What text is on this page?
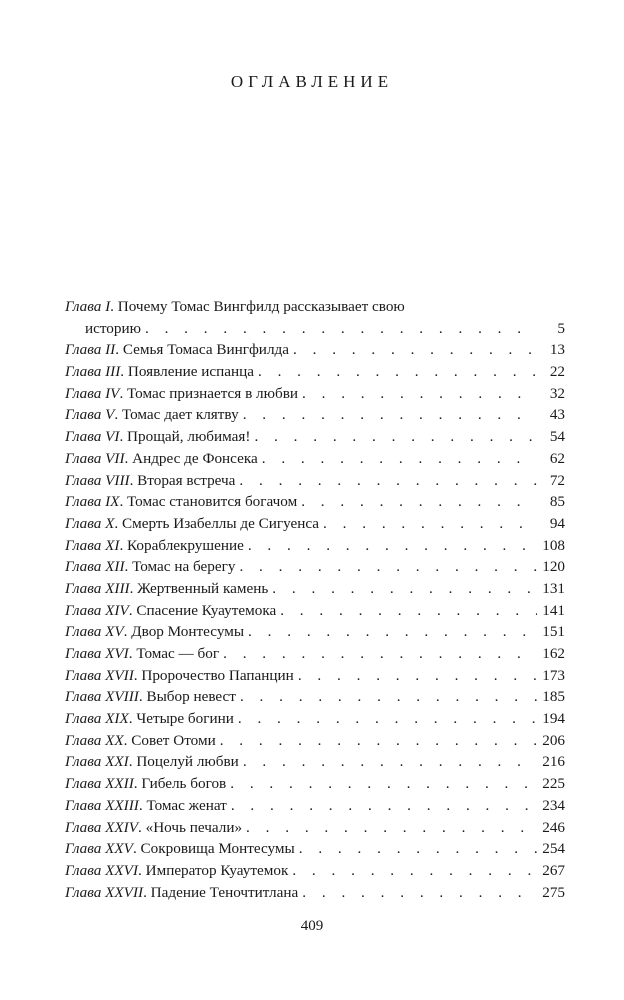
ОГЛАВЛЕНИЕ
Глава I. Почему Томас Вингфилд рассказывает свою
историю . . .	5
Глава II . Семья Томаса Вингфилда . . .	13
Глава III . Появление испанца . . .	22
Глава IV . Томас признается в любви . . .	32
Глава V . Томас дает клятву . . .	43
Глава VI . Прощай, любимая! . . .	54
Глава VII . Андрес де Фонсека . . .	62
Глава VIII . Вторая встреча . . .	72
Глава IX . Томас становится богачом . . .	85
Глава X . Смерть Изабеллы де Сигуенса . . .	94
Глава XI . Кораблекрушение . . .	108
Глава XII . Томас на берегу . . .	120
Глава XIII . Жертвенный камень . . .	131
Глава XIV . Спасение Куаутемока . . .	141
Глава XV . Двор Монтесумы . . .	151
Глава XVI . Томас — бог . . .	162
Глава XVII . Пророчество Папанцин . . .	173
Глава XVIII . Выбор невест . . .	185
Глава XIX . Четыре богини . . .	194
Глава XX . Совет Отоми . . .	206
Глава XXI . Поцелуй любви . . .	216
Глава XXII . Гибель богов . . .	225
Глава XXIII . Томас женат . . .	234
Глава XXIV . «Ночь печали» . . .	246
Глава XXV . Сокровища Монтесумы . . .	254
Глава XXVI . Император Куаутемок . . .	267
Глава XXVII . Падение Теночтитлана . . .	275
409
